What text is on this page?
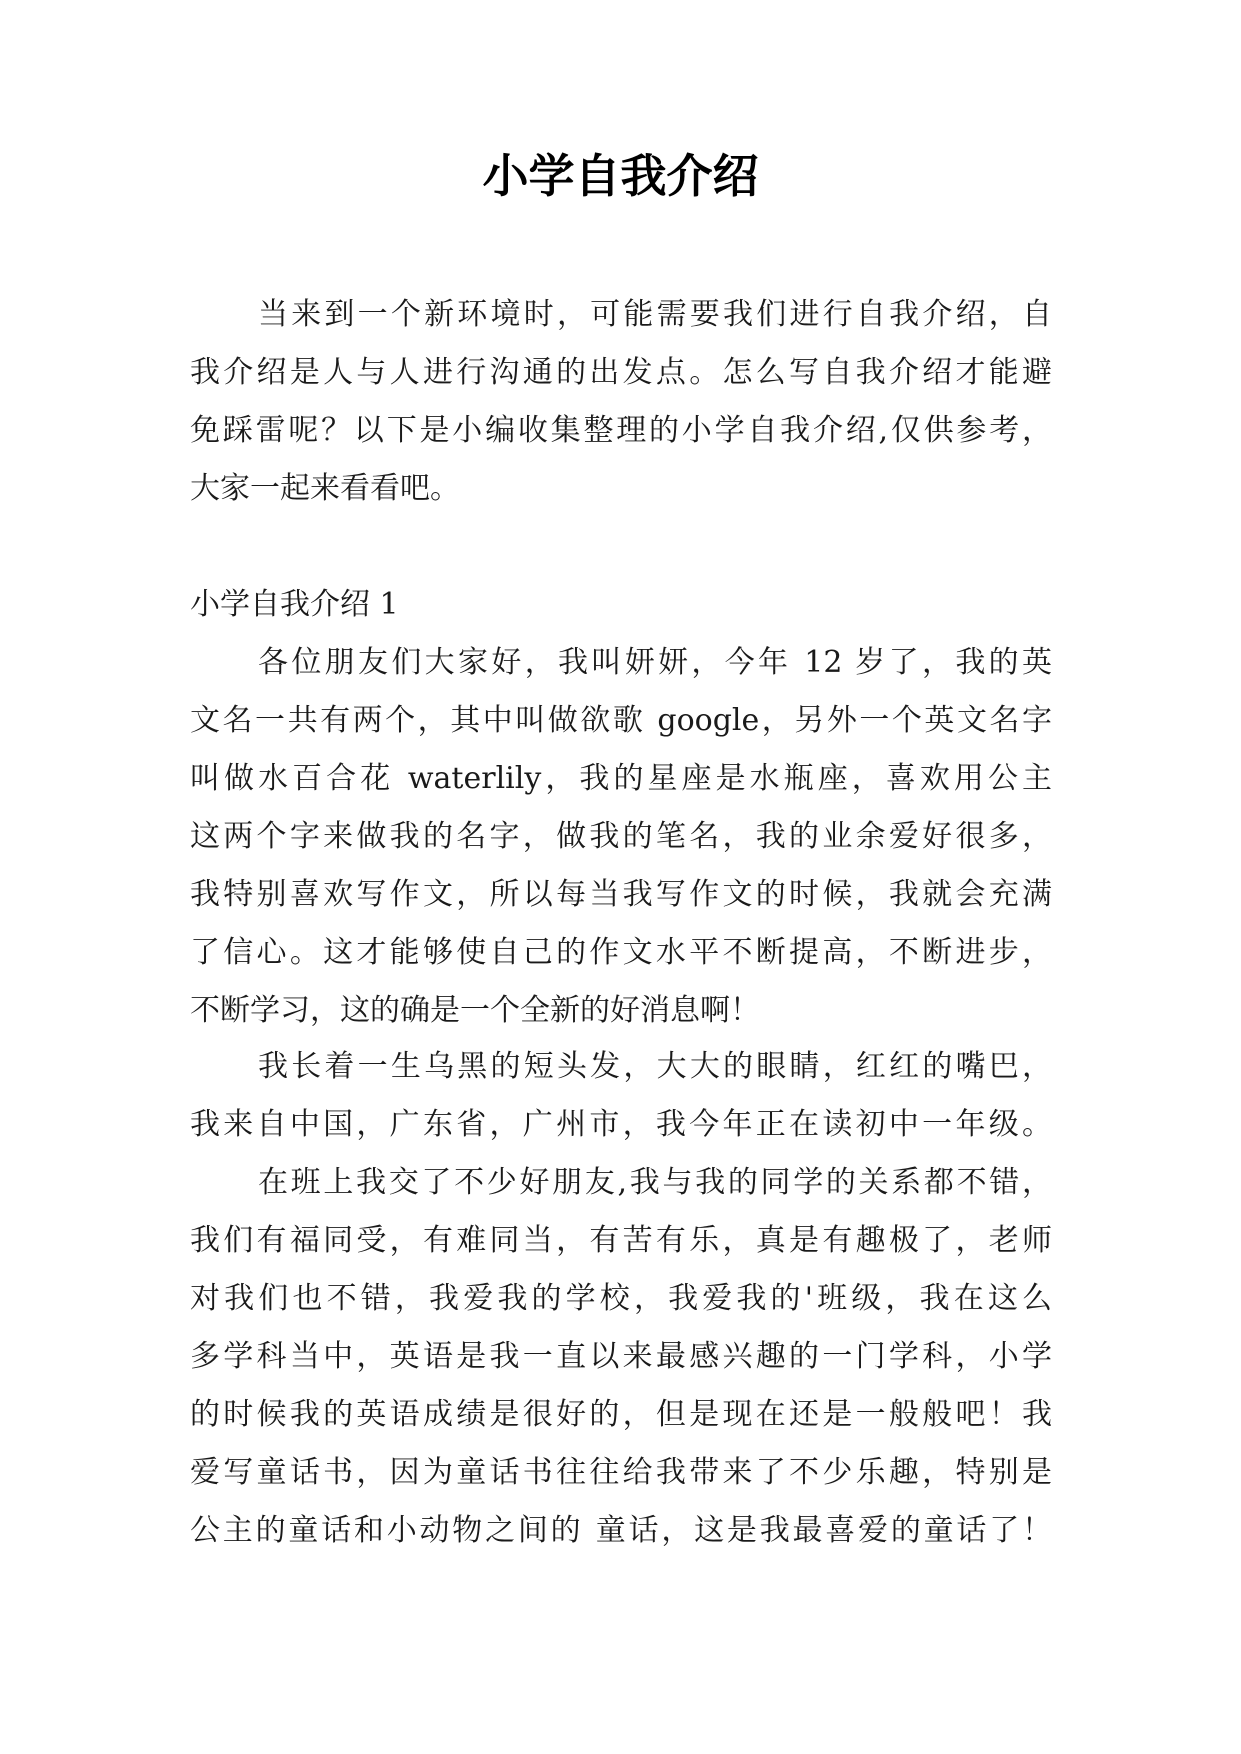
小学自我介绍
当来到一个新环境时，可能需要我们进行自我介绍，自
我介绍是人与人进行沟通的出发点。怎么写自我介绍才能避
免踩雷呢？以下是小编收集整理的小学自我介绍,仅供参考，
大家一起来看看吧。
小学自我介绍 1
各位朋友们大家好，我叫妍妍，今年 12 岁了，我的英
文名一共有两个，其中叫做欲歌 google，另外一个英文名字
叫做水百合花 waterlily，我的星座是水瓶座，喜欢用公主
这两个字来做我的名字，做我的笔名，我的业余爱好很多，
我特别喜欢写作文，所以每当我写作文的时候，我就会充满
了信心。这才能够使自己的作文水平不断提高，不断进步，
不断学习，这的确是一个全新的好消息啊！
我长着一生乌黑的短头发，大大的眼睛，红红的嘴巴，
我来自中国，广东省，广州市，我今年正在读初中一年级。
在班上我交了不少好朋友,我与我的同学的关系都不错，
我们有福同受，有难同当，有苦有乐，真是有趣极了，老师
对我们也不错，我爱我的学校，我爱我的'班级，我在这么
多学科当中，英语是我一直以来最感兴趣的一门学科，小学
的时候我的英语成绩是很好的，但是现在还是一般般吧！我
爱写童话书，因为童话书往往给我带来了不少乐趣，特别是
公主的童话和小动物之间的 童话，这是我最喜爱的童话了！
